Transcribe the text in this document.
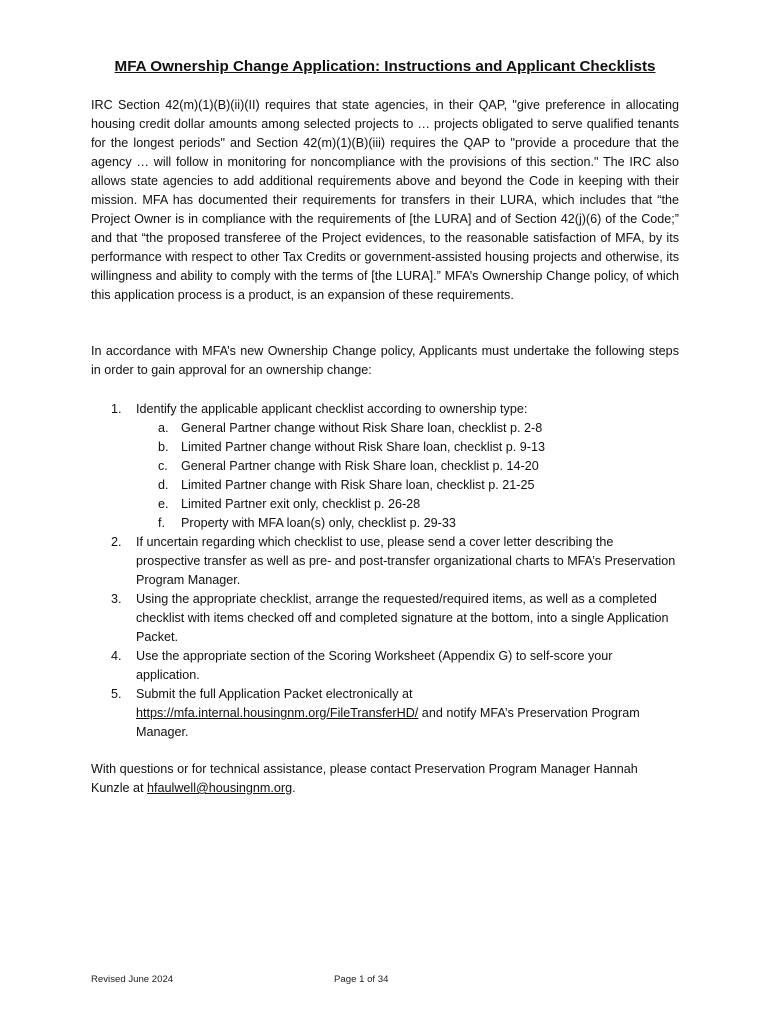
MFA Ownership Change Application: Instructions and Applicant Checklists
IRC Section 42(m)(1)(B)(ii)(II) requires that state agencies, in their QAP, "give preference in allocating housing credit dollar amounts among selected projects to … projects obligated to serve qualified tenants for the longest periods" and Section 42(m)(1)(B)(iii) requires the QAP to "provide a procedure that the agency … will follow in monitoring for noncompliance with the provisions of this section." The IRC also allows state agencies to add additional requirements above and beyond the Code in keeping with their mission. MFA has documented their requirements for transfers in their LURA, which includes that “the Project Owner is in compliance with the requirements of [the LURA] and of Section 42(j)(6) of the Code;” and that “the proposed transferee of the Project evidences, to the reasonable satisfaction of MFA, by its performance with respect to other Tax Credits or government-assisted housing projects and otherwise, its willingness and ability to comply with the terms of [the LURA].” MFA’s Ownership Change policy, of which this application process is a product, is an expansion of these requirements.
In accordance with MFA’s new Ownership Change policy, Applicants must undertake the following steps in order to gain approval for an ownership change:
1. Identify the applicable applicant checklist according to ownership type:
a. General Partner change without Risk Share loan, checklist p. 2-8
b. Limited Partner change without Risk Share loan, checklist p. 9-13
c. General Partner change with Risk Share loan, checklist p. 14-20
d. Limited Partner change with Risk Share loan, checklist p. 21-25
e. Limited Partner exit only, checklist p. 26-28
f. Property with MFA loan(s) only, checklist p. 29-33
2. If uncertain regarding which checklist to use, please send a cover letter describing the prospective transfer as well as pre- and post-transfer organizational charts to MFA’s Preservation Program Manager.
3. Using the appropriate checklist, arrange the requested/required items, as well as a completed checklist with items checked off and completed signature at the bottom, into a single Application Packet.
4. Use the appropriate section of the Scoring Worksheet (Appendix G) to self-score your application.
5. Submit the full Application Packet electronically at
https://mfa.internal.housingnm.org/FileTransferHD/ and notify MFA’s Preservation Program Manager.
With questions or for technical assistance, please contact Preservation Program Manager Hannah Kunzle at hfaulwell@housingnm.org.
Revised June 2024	Page 1 of 34
